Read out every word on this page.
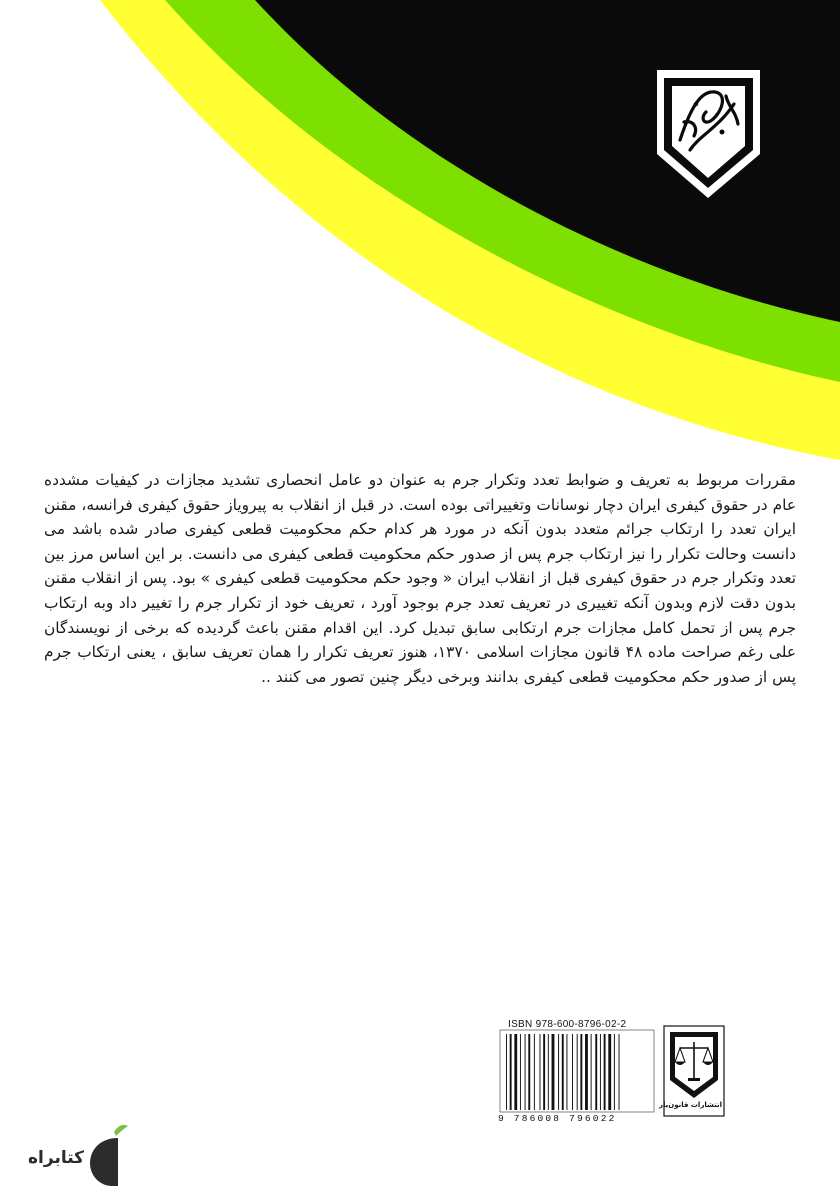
مقررات مربوط به تعریف و ضوابط تعدد وتکرار جرم به عنوان دو عامل انحصاری تشدید مجازات در کیفیات مشدده عام در حقوق کیفری ایران دچار نوسانات وتغییراتی بوده است. در قبل از انقلاب به پیرویاز حقوق کیفری فرانسه، مقنن ایران تعدد را ارتکاب جرائم متعدد بدون آنکه در مورد هر کدام حکم محکومیت قطعی کیفری صادر شده باشد می دانست وحالت تکرار را نیز ارتکاب جرم پس از صدور حکم محکومیت قطعی کیفری می دانست. بر این اساس مرز بین تعدد وتکرار جرم در حقوق کیفری قبل از انقلاب ایران « وجود حکم محکومیت قطعی کیفری » بود. پس از انقلاب مقنن بدون دقت لازم وبدون آنکه تغییری در تعریف تعدد جرم بوجود آورد ، تعریف خود از تکرار جرم را تغییر داد وبه ارتکاب جرم پس از تحمل کامل مجازات جرم ارتکابی سابق تبدیل کرد. این اقدام مقنن باعث گردیده که برخی از نویسندگان علی رغم صراحت ماده ۴۸ قانون مجازات اسلامی ۱۳۷۰، هنوز تعریف تکرار را همان تعریف سابق ، یعنی ارتکاب جرم پس از صدور حکم محکومیت قطعی کیفری بدانند وبرخی دیگر چنین تصور می کنند ..

ISBN 978-600-8796-02-2
9 786008 796022
انتشارات قانون‌یار
کتابراه
